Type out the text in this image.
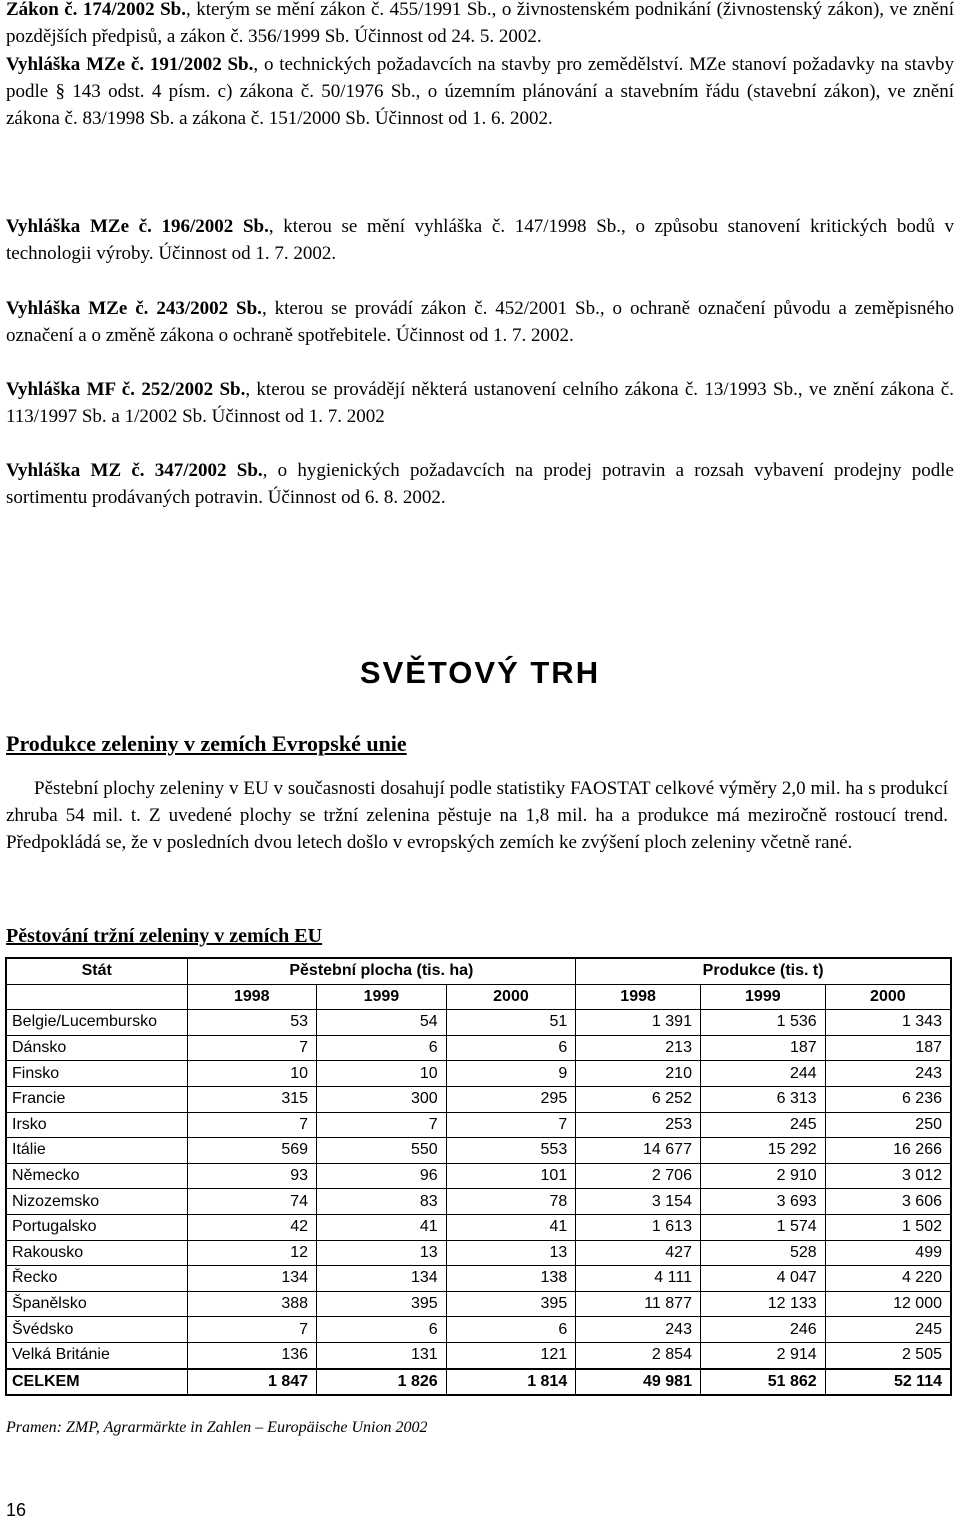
Zákon č. 174/2002 Sb., kterým se mění zákon č. 455/1991 Sb., o živnostenském podnikání (živnostenský zákon), ve znění pozdějších předpisů, a zákon č. 356/1999 Sb. Účinnost od 24. 5. 2002.
Vyhláška MZe č. 191/2002 Sb., o technických požadavcích na stavby pro zemědělství. MZe stanoví požadavky na stavby podle § 143 odst. 4 písm. c) zákona č. 50/1976 Sb., o územním plánování a stavebním řádu (stavební zákon), ve znění zákona č. 83/1998 Sb. a zákona č. 151/2000 Sb. Účinnost od 1. 6. 2002.
Vyhláška MZe č. 196/2002 Sb., kterou se mění vyhláška č. 147/1998 Sb., o způsobu stanovení kritických bodů v technologii výroby. Účinnost od 1. 7. 2002.
Vyhláška MZe č. 243/2002 Sb., kterou se provádí zákon č. 452/2001 Sb., o ochraně označení původu a zeměpisného označení a o změně zákona o ochraně spotřebitele. Účinnost od 1. 7. 2002.
Vyhláška MF č. 252/2002 Sb., kterou se provádějí některá ustanovení celního zákona č. 13/1993 Sb., ve znění zákona č. 113/1997 Sb. a 1/2002 Sb. Účinnost od 1. 7. 2002
Vyhláška MZ č. 347/2002 Sb., o hygienických požadavcích na prodej potravin a rozsah vybavení prodejny podle sortimentu prodávaných potravin. Účinnost od 6. 8. 2002.
SVĚTOVÝ TRH
Produkce zeleniny v zemích Evropské unie

Pěstební plochy zeleniny v EU v současnosti dosahují podle statistiky FAOSTAT celkové výměry 2,0 mil. ha s produkcí zhruba 54 mil. t. Z uvedené plochy se tržní zelenina pěstuje na 1,8 mil. ha a produkce má meziročně rostoucí trend. Předpokládá se, že v posledních dvou letech došlo v evropských zemích ke zvýšení ploch zeleniny včetně rané.

Pěstování tržní zeleniny v zemích EU
Stát	Pěstební plocha (tis. ha)			Produkce (tis. t)		
	1998	1999	2000	1998	1999	2000
Belgie/Lucembursko	53	54	51	1 391	1 536	1 343
Dánsko	7	6	6	213	187	187
Finsko	10	10	9	210	244	243
Francie	315	300	295	6 252	6 313	6 236
Irsko	7	7	7	253	245	250
Itálie	569	550	553	14 677	15 292	16 266
Německo	93	96	101	2 706	2 910	3 012
Nizozemsko	74	83	78	3 154	3 693	3 606
Portugalsko	42	41	41	1 613	1 574	1 502
Rakousko	12	13	13	427	528	499
Řecko	134	134	138	4 111	4 047	4 220
Španělsko	388	395	395	11 877	12 133	12 000
Švédsko	7	6	6	243	246	245
Velká Británie	136	131	121	2 854	2 914	2 505
CELKEM	1 847	1 826	1 814	49 981	51 862	52 114
Pramen: ZMP, Agrarmärkte in Zahlen – Europäische Union 2002
16
